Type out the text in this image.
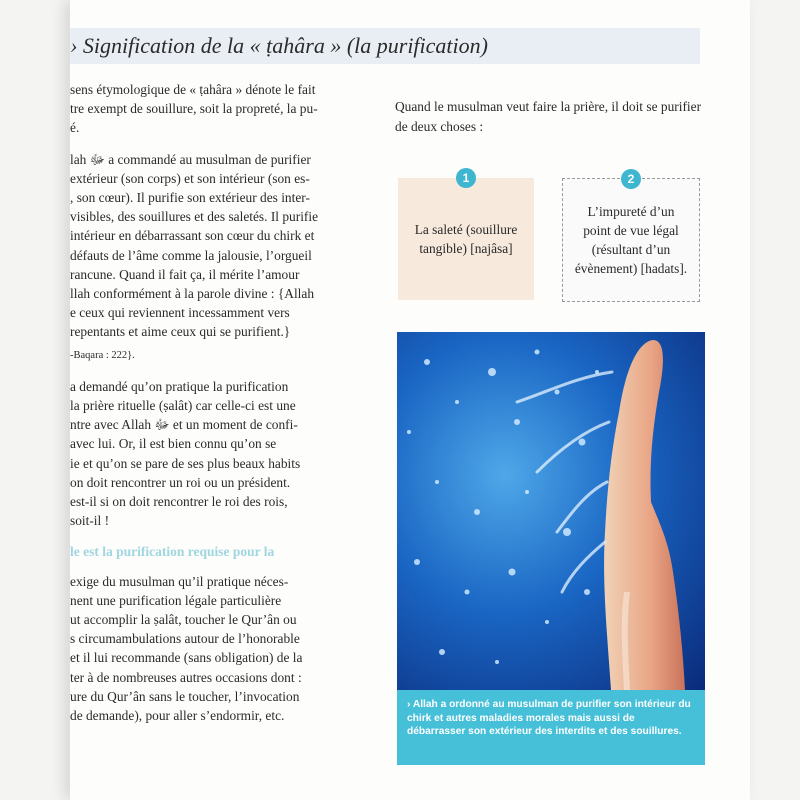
› Signification de la « ṭahâra » (la purification)

sens étymologique de « ṭahâra » dénote le fait
tre exempt de souillure, soit la propreté, la pu-
é.

lah ﷻ a commandé au musulman de purifier
extérieur (son corps) et son intérieur (son es-
, son cœur). Il purifie son extérieur des inter-
visibles, des souillures et des saletés. Il purifie
intérieur en débarrassant son cœur du chirk et
défauts de l’âme comme la jalousie, l’orgueil
rancune. Quand il fait ça, il mérite l’amour
llah conformément à la parole divine : {Allah
e ceux qui reviennent incessamment vers
repentants et aime ceux qui se purifient.}

-Baqara : 222}.

a demandé qu’on pratique la purification
la prière rituelle (ṣalât) car celle-ci est une
ntre avec Allah ﷻ et un moment de confi-
avec lui. Or, il est bien connu qu’on se
ie et qu’on se pare de ses plus beaux habits
on doit rencontrer un roi ou un président.
est-il si on doit rencontrer le roi des rois,
soit-il !

le est la purification requise pour la

exige du musulman qu’il pratique néces-
nent une purification légale particulière
ut accomplir la ṣalât, toucher le Qur’ân ou
s circumambulations autour de l’honorable
et il lui recommande (sans obligation) de la
ter à de nombreuses autres occasions dont :
ure du Qur’ân sans le toucher, l’invocation
de demande), pour aller s’endormir, etc.

Quand le musulman veut faire la prière, il doit se purifier de deux choses :
1
La saleté (souillure tangible) [najâsa]
2
L’impureté d’un point de vue légal (résultant d’un évènement) [hadats].
› Allah a ordonné au musulman de purifier son intérieur du chirk et autres maladies morales mais aussi de débarrasser son extérieur des interdits et des souillures.
